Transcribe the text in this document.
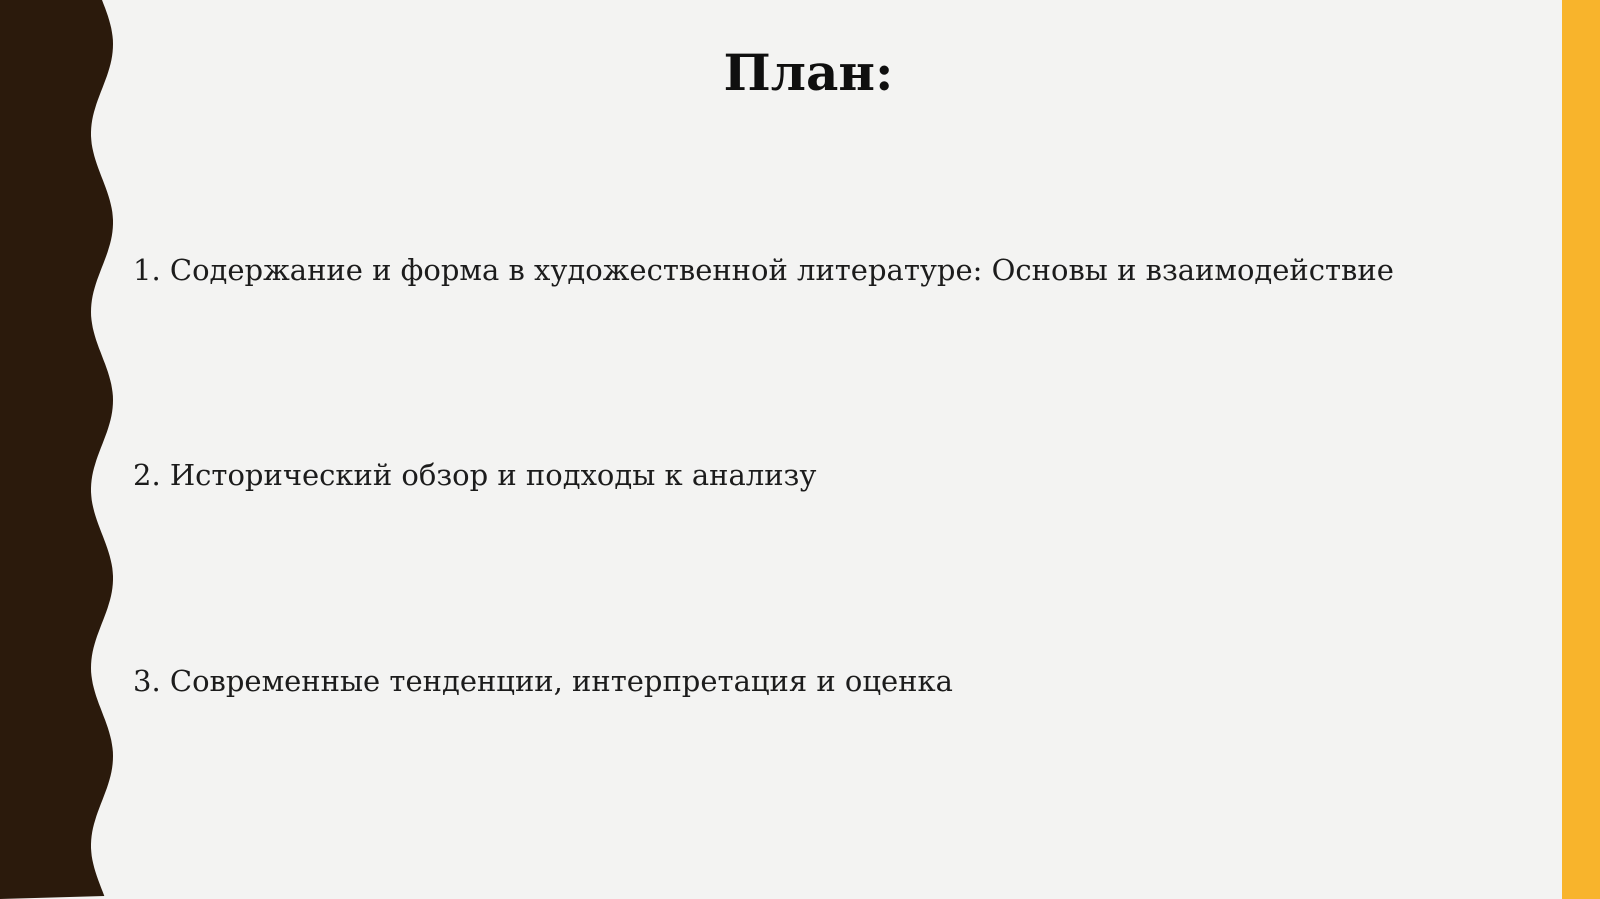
План:
1. Содержание и форма в художественной литературе: Основы и взаимодействие
2. Исторический обзор и подходы к анализу
3. Современные тенденции, интерпретация и оценка
